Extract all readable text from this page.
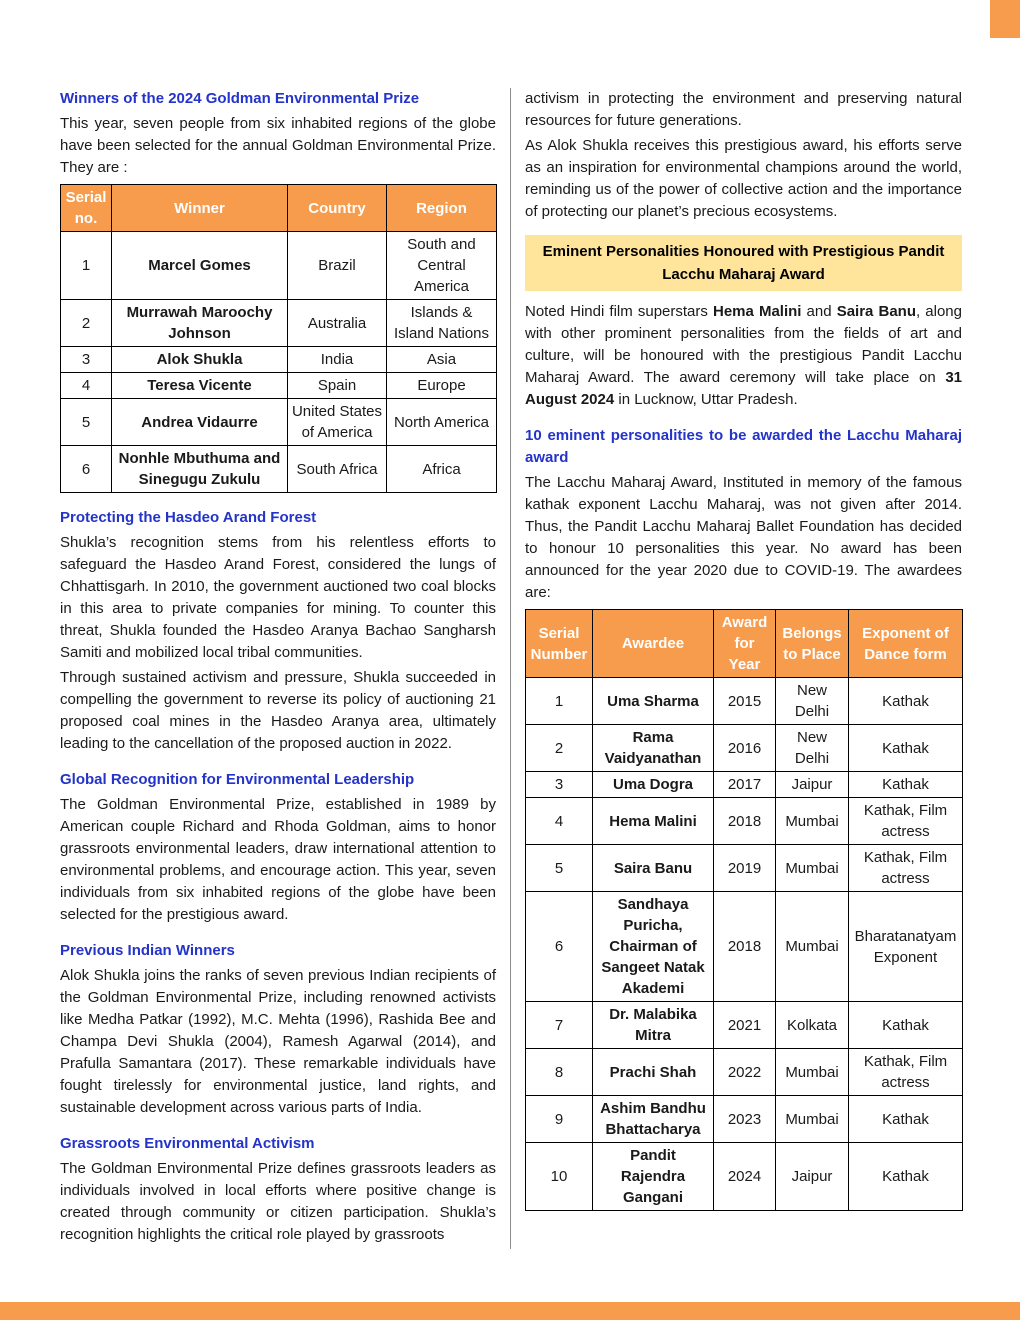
Winners of the 2024 Goldman Environmental Prize

This year, seven people from six inhabited regions of the globe have been selected for the annual Goldman Environmental Prize. They are :

Serial no.	Winner	Country	Region
1	Marcel Gomes	Brazil	South and Central America
2	Murrawah Maroochy Johnson	Australia	Islands & Island Nations
3	Alok Shukla	India	Asia
4	Teresa Vicente	Spain	Europe
5	Andrea Vidaurre	United States of America	North America
6	Nonhle Mbuthuma and Sinegugu Zukulu	South Africa	Africa
Protecting the Hasdeo Arand Forest

Shukla’s recognition stems from his relentless efforts to safeguard the Hasdeo Arand Forest, considered the lungs of Chhattisgarh. In 2010, the government auctioned two coal blocks in this area to private companies for mining. To counter this threat, Shukla founded the Hasdeo Aranya Bachao Sangharsh Samiti and mobilized local tribal communities.

Through sustained activism and pressure, Shukla succeeded in compelling the government to reverse its policy of auctioning 21 proposed coal mines in the Hasdeo Aranya area, ultimately leading to the cancellation of the proposed auction in 2022.

Global Recognition for Environmental Leadership

The Goldman Environmental Prize, established in 1989 by American couple Richard and Rhoda Goldman, aims to honor grassroots environmental leaders, draw international attention to environmental problems, and encourage action. This year, seven individuals from six inhabited regions of the globe have been selected for the prestigious award.

Previous Indian Winners

Alok Shukla joins the ranks of seven previous Indian recipients of the Goldman Environmental Prize, including renowned activists like Medha Patkar (1992), M.C. Mehta (1996), Rashida Bee and Champa Devi Shukla (2004), Ramesh Agarwal (2014), and Prafulla Samantara (2017). These remarkable individuals have fought tirelessly for environmental justice, land rights, and sustainable development across various parts of India.

Grassroots Environmental Activism

The Goldman Environmental Prize defines grassroots leaders as individuals involved in local efforts where positive change is created through community or citizen participation. Shukla’s recognition highlights the critical role played by grassroots

activism in protecting the environment and preserving natural resources for future generations.

As Alok Shukla receives this prestigious award, his efforts serve as an inspiration for environmental champions around the world, reminding us of the power of collective action and the importance of protecting our planet’s precious ecosystems.

Eminent Personalities Honoured with Prestigious Pandit Lacchu Maharaj Award

Noted Hindi film superstars Hema Malini and Saira Banu, along with other prominent personalities from the fields of art and culture, will be honoured with the prestigious Pandit Lacchu Maharaj Award. The award ceremony will take place on 31 August 2024 in Lucknow, Uttar Pradesh.

10 eminent personalities to be awarded the Lacchu Maharaj award

The Lacchu Maharaj Award, Instituted in memory of the famous kathak exponent Lacchu Maharaj, was not given after 2014. Thus, the Pandit Lacchu Maharaj Ballet Foundation has decided to honour 10 personalities this year. No award has been announced for the year 2020 due to COVID-19. The awardees are:

Serial Number	Awardee	Award for Year	Belongs to Place	Exponent of Dance form
1	Uma Sharma	2015	New Delhi	Kathak
2	Rama Vaidyanathan	2016	New Delhi	Kathak
3	Uma Dogra	2017	Jaipur	Kathak
4	Hema Malini	2018	Mumbai	Kathak, Film actress
5	Saira Banu	2019	Mumbai	Kathak, Film actress
6	Sandhaya Puricha, Chairman of Sangeet Natak Akademi	2018	Mumbai	Bharatanatyam Exponent
7	Dr. Malabika Mitra	2021	Kolkata	Kathak
8	Prachi Shah	2022	Mumbai	Kathak, Film actress
9	Ashim Bandhu Bhattacharya	2023	Mumbai	Kathak
10	Pandit Rajendra Gangani	2024	Jaipur	Kathak
